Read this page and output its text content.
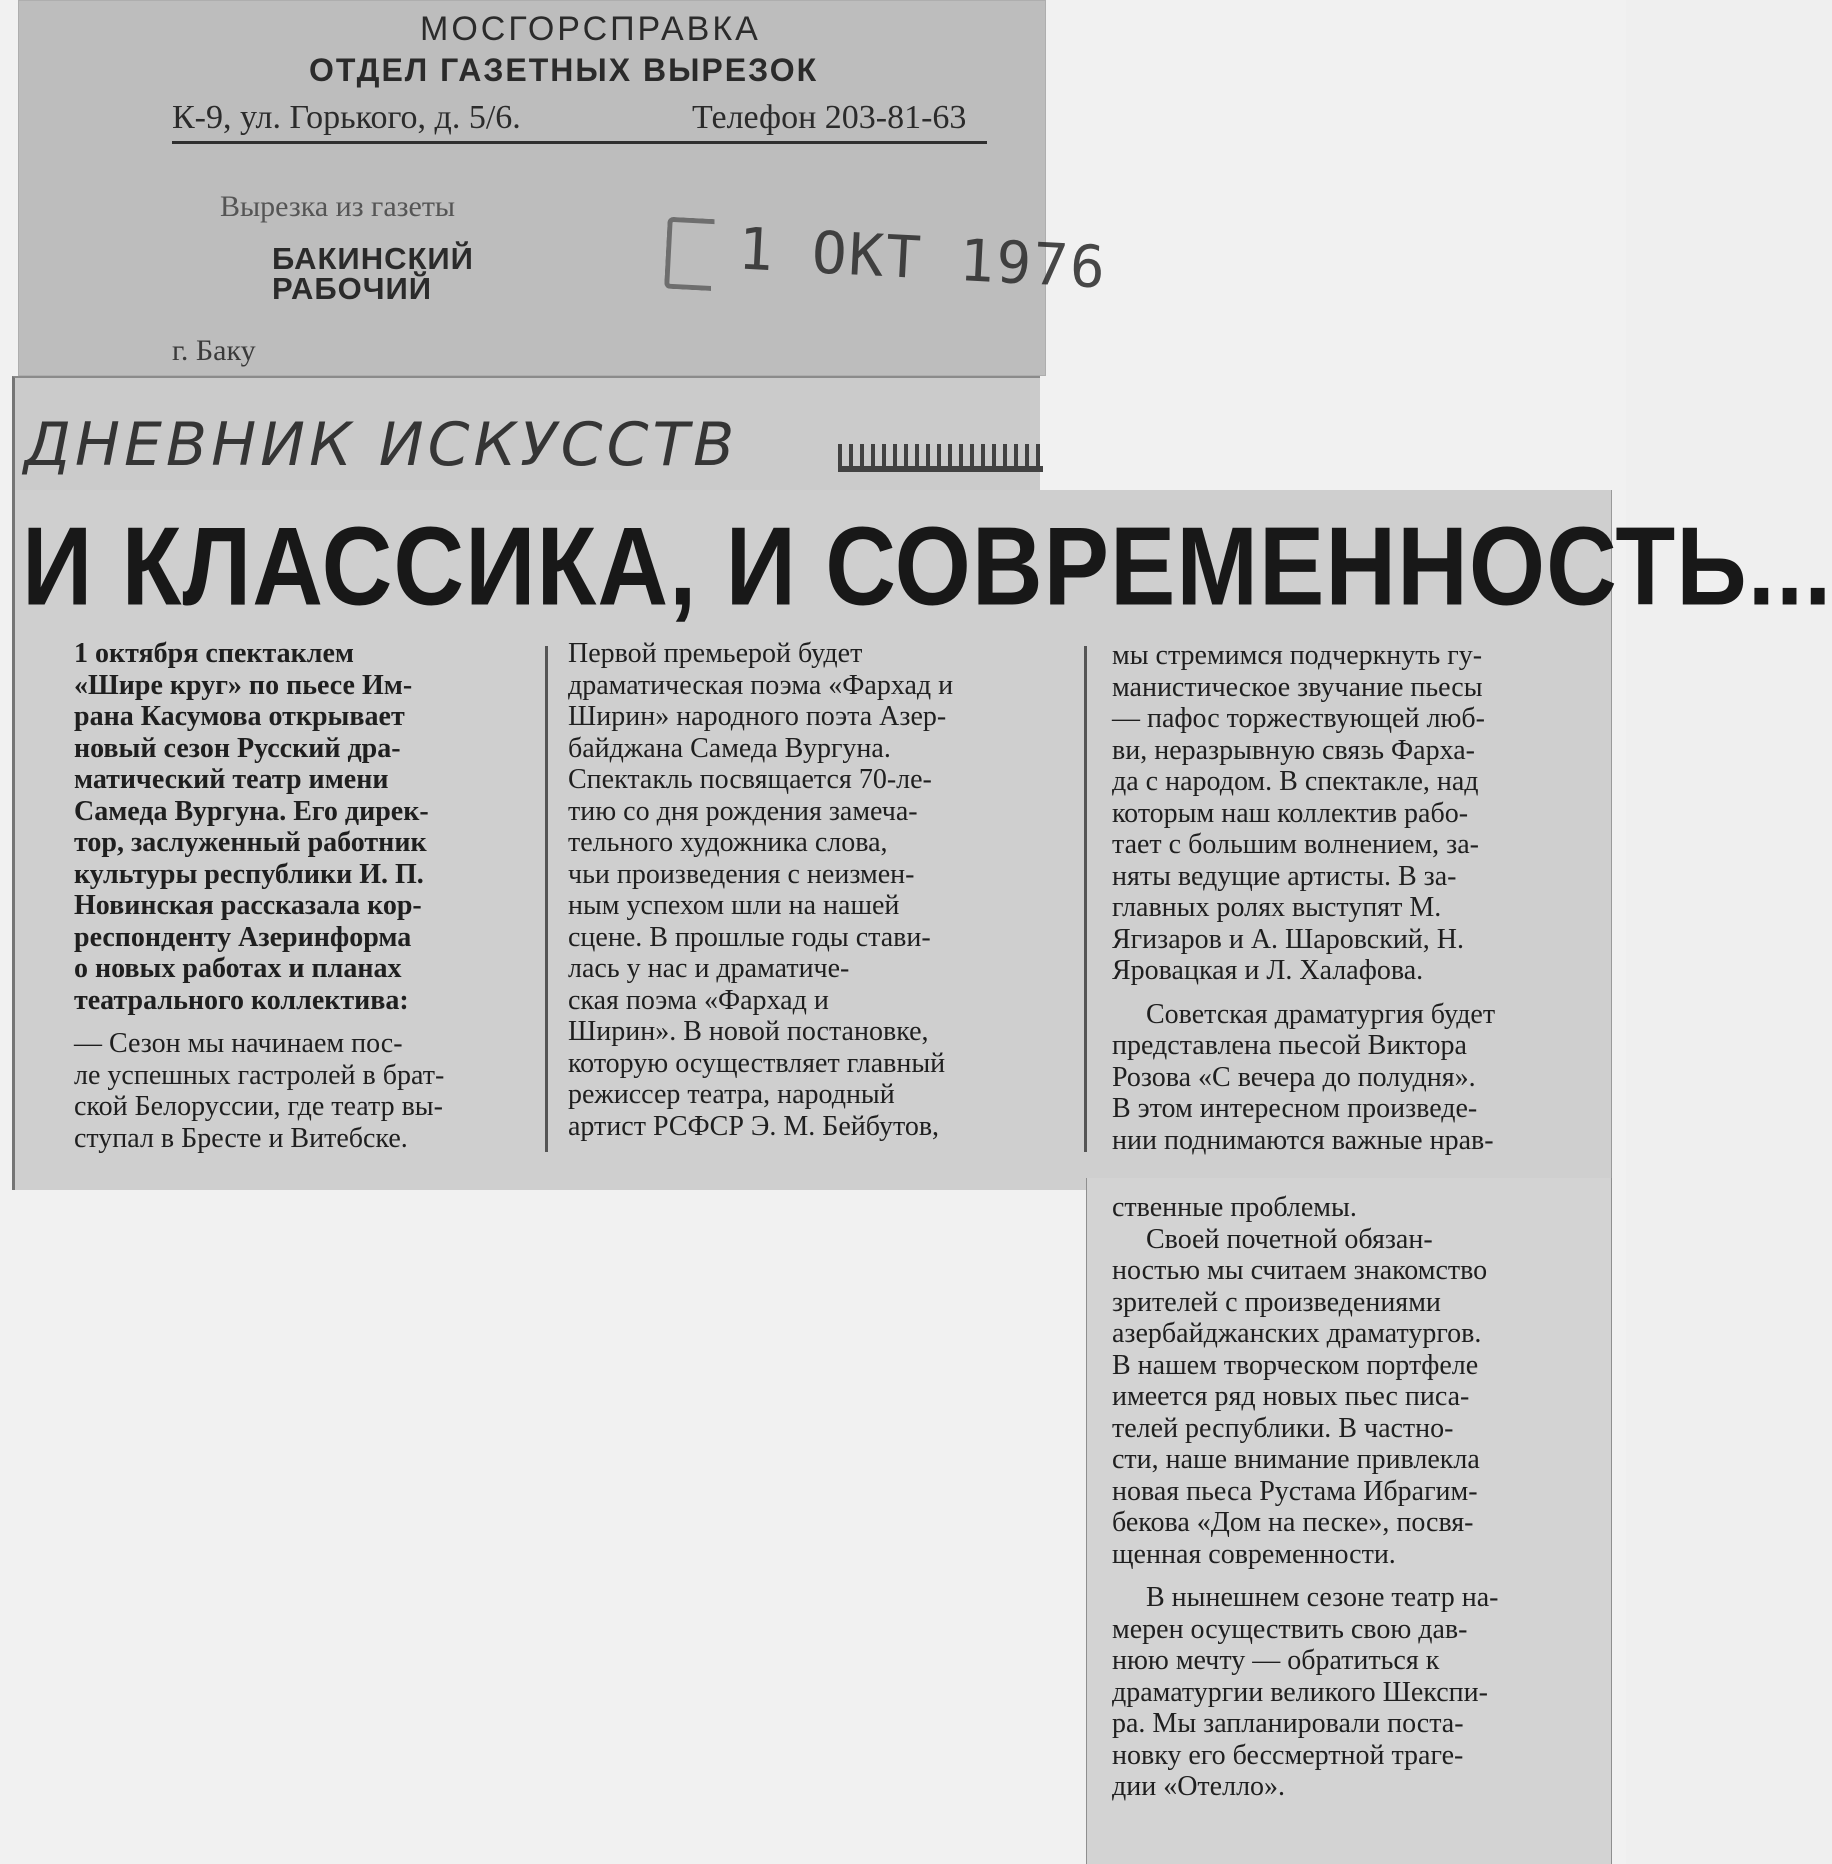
МОСГОРСПРАВКА
ОТДЕЛ ГАЗЕТНЫХ ВЫРЕЗОК
К-9, ул. Горького, д. 5/6.	Телефон 203-81-63
Вырезка из газеты
БАКИНСКИЙ
РАБОЧИЙ
г. Баку
1 ОКТ 1976
ДНЕВНИК ИСКУССТВ
И КЛАССИКА, И СОВРЕМЕННОСТЬ...

1 октября спектаклем
«Шире круг» по пьесе Им-
рана Касумова открывает
новый сезон Русский дра-
матический театр имени
Самеда Вургуна. Его дирек-
тор, заслуженный работник
культуры республики И. П.
Новинская рассказала кор-
респонденту Азеринформа
о новых работах и планах
театрального коллектива:

— Сезон мы начинаем пос-
ле успешных гастролей в брат-
ской Белоруссии, где театр вы-
ступал в Бресте и Витебске.

Первой премьерой будет
драматическая поэма «Фархад и
Ширин» народного поэта Азер-
байджана Самеда Вургуна.
Спектакль посвящается 70-ле-
тию со дня рождения замеча-
тельного художника слова,
чьи произведения с неизмен-
ным успехом шли на нашей
сцене. В прошлые годы стави-
лась у нас и драматиче-
ская поэма «Фархад и
Ширин». В новой постановке,
которую осуществляет главный
режиссер театра, народный
артист РСФСР Э. М. Бейбутов,

мы стремимся подчеркнуть гу-
манистическое звучание пьесы
— пафос торжествующей люб-
ви, неразрывную связь Фарха-
да с народом. В спектакле, над
которым наш коллектив рабо-
тает с большим волнением, за-
няты ведущие артисты. В за-
главных ролях выступят М.
Ягизаров и А. Шаровский, Н.
Яровацкая и Л. Халафова.

Советская драматургия будет
представлена пьесой Виктора
Розова «С вечера до полудня».
В этом интересном произведе-
нии поднимаются важные нрав-

ственные проблемы.

Своей почетной обязан-
ностью мы считаем знакомство
зрителей с произведениями
азербайджанских драматургов.
В нашем творческом портфеле
имеется ряд новых пьес писа-
телей республики. В частно-
сти, наше внимание привлекла
новая пьеса Рустама Ибрагим-
бекова «Дом на песке», посвя-
щенная современности.

В нынешнем сезоне театр на-
мерен осуществить свою дав-
нюю мечту — обратиться к
драматургии великого Шекспи-
ра. Мы запланировали поста-
новку его бессмертной траге-
дии «Отелло».
